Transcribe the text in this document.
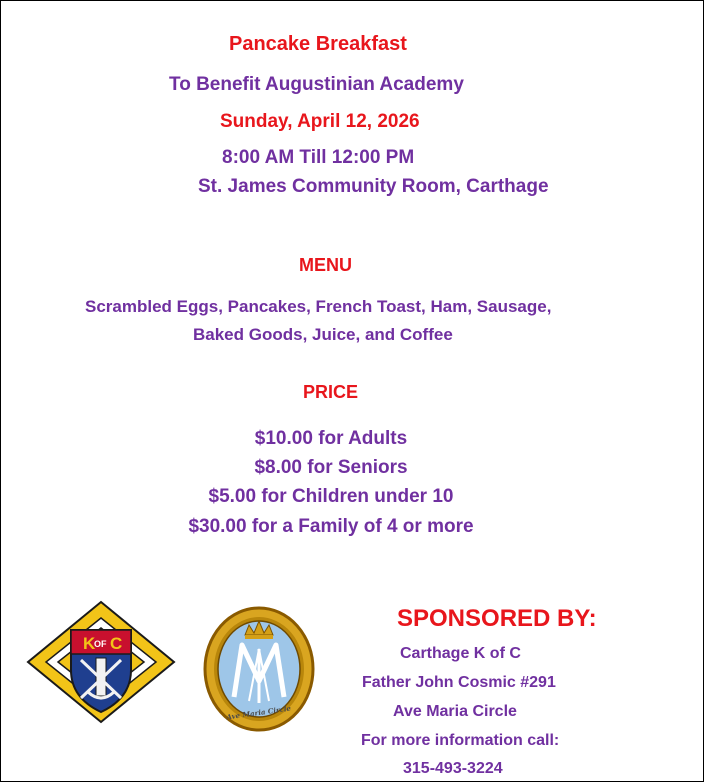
Pancake Breakfast

To Benefit Augustinian Academy

Sunday, April 12, 2026

8:00 AM Till 12:00 PM

St. James Community Room, Carthage

MENU

Scrambled Eggs, Pancakes, French Toast, Ham, Sausage,

Baked Goods, Juice, and Coffee

PRICE

$10.00 for Adults

$8.00 for Seniors

$5.00 for Children under 10

$30.00 for a Family of 4 or more

K
OF C
Ave Maria Circle

SPONSORED BY:

Carthage K of C

Father John Cosmic #291

Ave Maria Circle

For more information call:

315-493-3224
